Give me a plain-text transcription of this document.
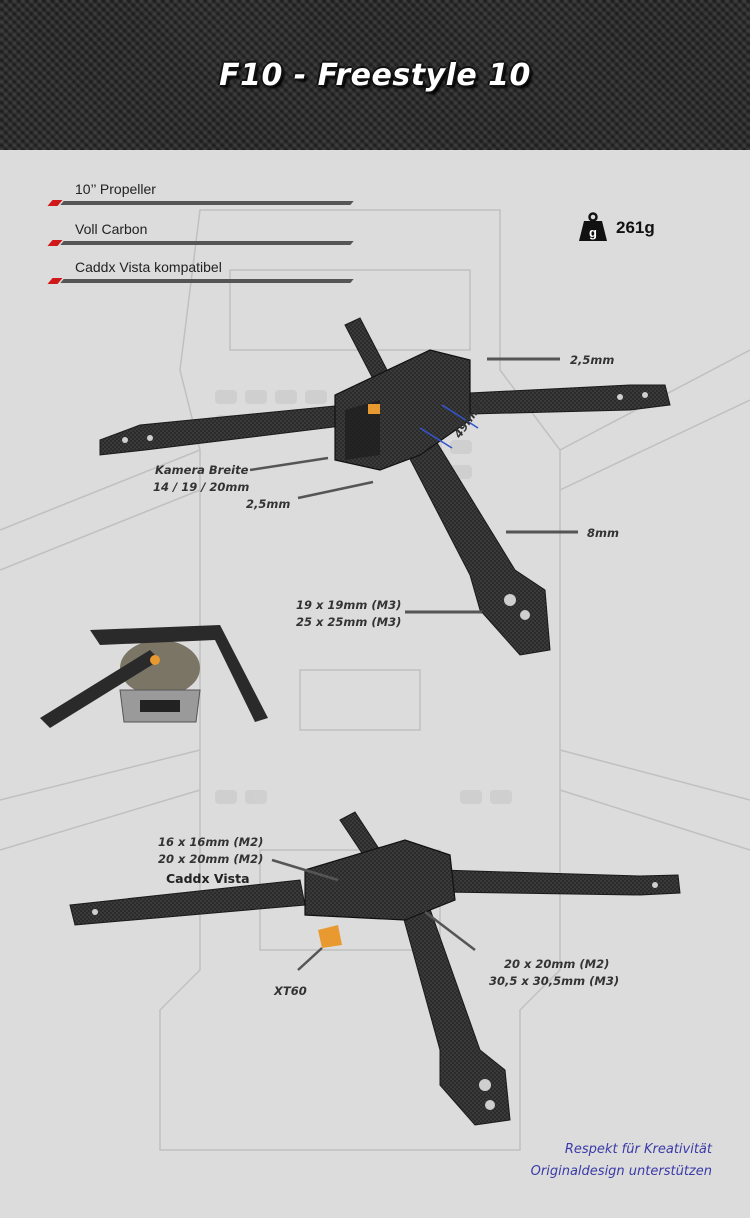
F10 - Freestyle 10
10’’ Propeller
Voll Carbon
Caddx Vista kompatibel
g 261g
2,5mm
49mm
Kamera Breite
14 / 19 / 20mm
2,5mm
8mm
19 x 19mm (M3)
25 x 25mm (M3)
16 x 16mm (M2)
20 x 20mm (M2)
Caddx Vista
XT60
20 x 20mm (M2)
30,5 x 30,5mm (M3)
Respekt für Kreativität
Originaldesign unterstützen
